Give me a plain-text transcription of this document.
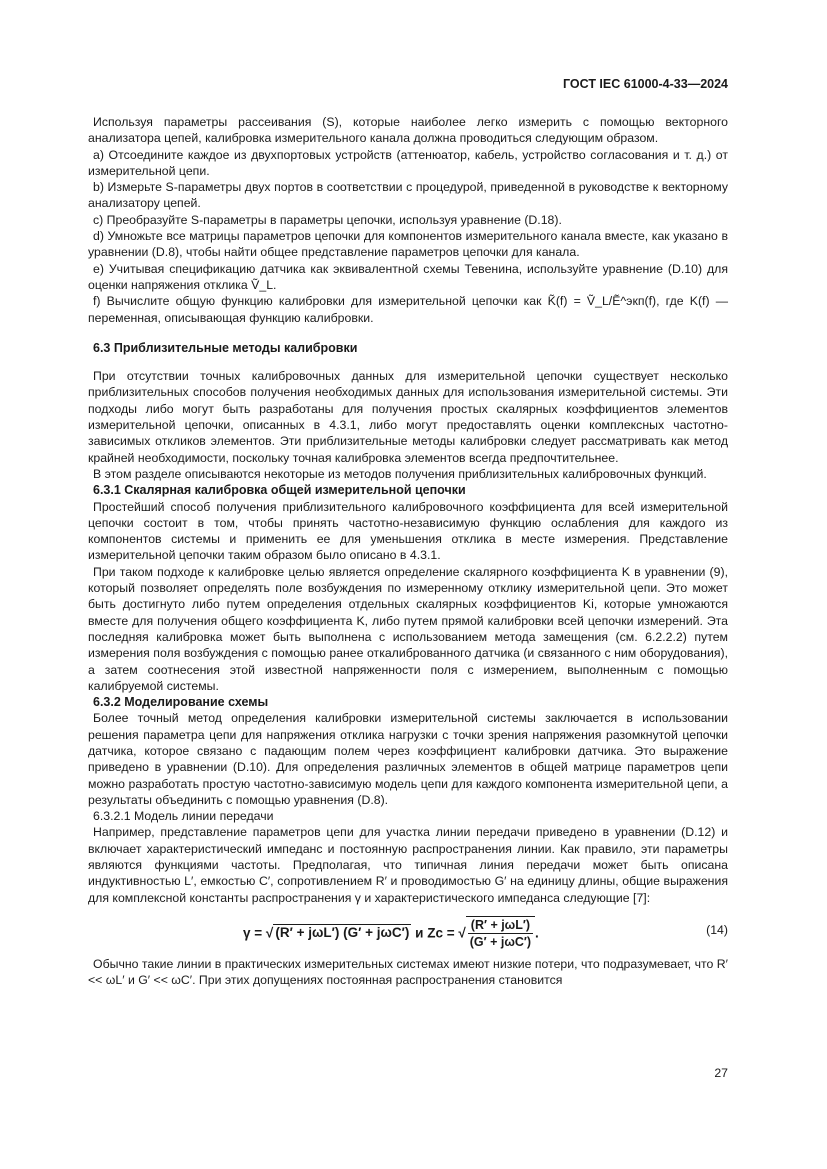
ГОСТ IEC 61000-4-33—2024

Используя параметры рассеивания (S), которые наиболее легко измерить с помощью векторного анализатора цепей, калибровка измерительного канала должна проводиться следующим образом.

a) Отсоедините каждое из двухпортовых устройств (аттенюатор, кабель, устройство согласования и т. д.) от измерительной цепи.

b) Измерьте S-параметры двух портов в соответствии с процедурой, приведенной в руководстве к векторному анализатору цепей.

c) Преобразуйте S-параметры в параметры цепочки, используя уравнение (D.18).

d) Умножьте все матрицы параметров цепочки для компонентов измерительного канала вместе, как указано в уравнении (D.8), чтобы найти общее представление параметров цепочки для канала.

e) Учитывая спецификацию датчика как эквивалентной схемы Тевенина, используйте уравнение (D.10) для оценки напряжения отклика Ṽ_L.

f) Вычислите общую функцию калибровки для измерительной цепочки как K̃(f) = Ṽ_L/Ẽ^экп(f), где K(f) — переменная, описывающая функцию калибровки.

6.3 Приблизительные методы калибровки

При отсутствии точных калибровочных данных для измерительной цепочки существует несколько приблизительных способов получения необходимых данных для использования измерительной системы. Эти подходы либо могут быть разработаны для получения простых скалярных коэффициентов элементов измерительной цепочки, описанных в 4.3.1, либо могут предоставлять оценки комплексных частотно-зависимых откликов элементов. Эти приблизительные методы калибровки следует рассматривать как метод крайней необходимости, поскольку точная калибровка элементов всегда предпочтительнее.

В этом разделе описываются некоторые из методов получения приблизительных калибровочных функций.

6.3.1 Скалярная калибровка общей измерительной цепочки

Простейший способ получения приблизительного калибровочного коэффициента для всей измерительной цепочки состоит в том, чтобы принять частотно-независимую функцию ослабления для каждого из компонентов системы и применить ее для уменьшения отклика в месте измерения. Представление измерительной цепочки таким образом было описано в 4.3.1.

При таком подходе к калибровке целью является определение скалярного коэффициента K в уравнении (9), который позволяет определять поле возбуждения по измеренному отклику измерительной цепи. Это может быть достигнуто либо путем определения отдельных скалярных коэффициентов Ki, которые умножаются вместе для получения общего коэффициента K, либо путем прямой калибровки всей цепочки измерений. Эта последняя калибровка может быть выполнена с использованием метода замещения (см. 6.2.2.2) путем измерения поля возбуждения с помощью ранее откалиброванного датчика (и связанного с ним оборудования), а затем соотнесения этой известной напряженности поля с измерением, выполненным с помощью калибруемой системы.

6.3.2 Моделирование схемы

Более точный метод определения калибровки измерительной системы заключается в использовании решения параметра цепи для напряжения отклика нагрузки с точки зрения напряжения разомкнутой цепочки датчика, которое связано с падающим полем через коэффициент калибровки датчика. Это выражение приведено в уравнении (D.10). Для определения различных элементов в общей матрице параметров цепи можно разработать простую частотно-зависимую модель цепи для каждого компонента измерительной цепи, а результаты объединить с помощью уравнения (D.8).

6.3.2.1 Модель линии передачи

Например, представление параметров цепи для участка линии передачи приведено в уравнении (D.12) и включает характеристический импеданс и постоянную распространения линии. Как правило, эти параметры являются функциями частоты. Предполагая, что типичная линия передачи может быть описана индуктивностью L′, емкостью C′, сопротивлением R′ и проводимостью G′ на единицу длины, общие выражения для комплексной константы распространения γ и характеристического импеданса следующие [7]:

γ = √ (R′ + jωL′) (G′ + jωC′) и Zc = √ $\frac{\text{(R′ + jωL′)}}{\text{(G′ + jωC′)}}$ .	(14)

Обычно такие линии в практических измерительных системах имеют низкие потери, что подразумевает, что R′ << ωL′ и G′ << ωC′. При этих допущениях постоянная распространения становится

27
